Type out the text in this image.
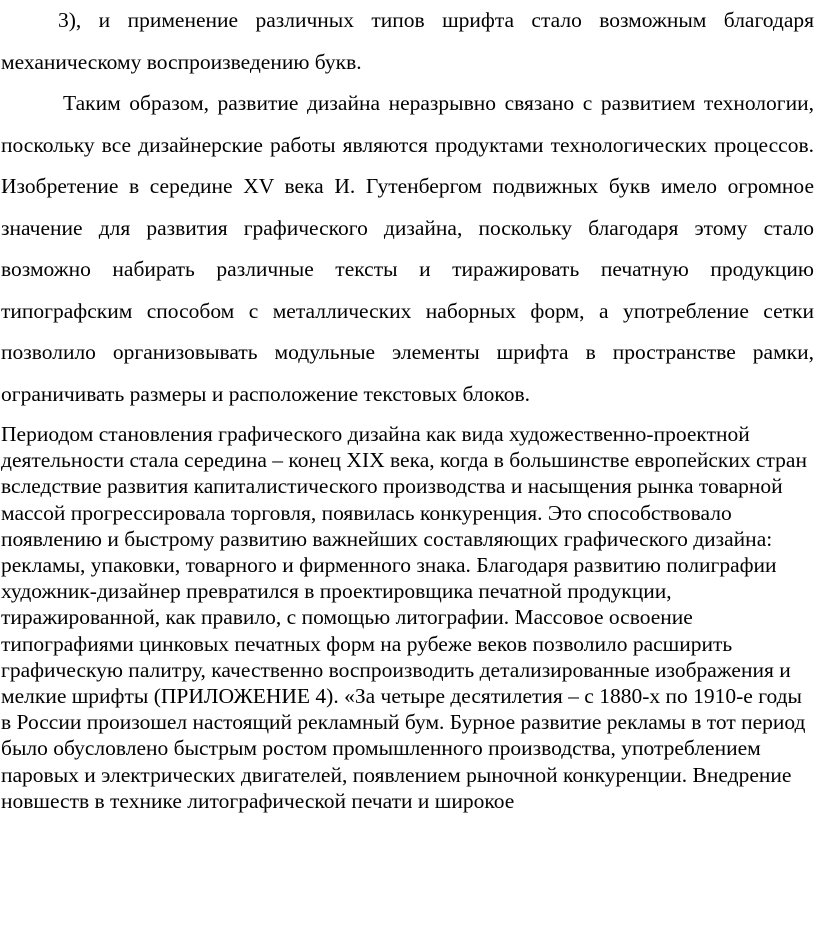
3), и применение различных типов шрифта стало возможным благодаря механическому воспроизведению букв.

Таким образом, развитие дизайна неразрывно связано с развитием технологии, поскольку все дизайнерские работы являются продуктами технологических процессов. Изобретение в середине XV века И. Гутенбергом подвижных букв имело огромное значение для развития графического дизайна, поскольку благодаря этому стало возможно набирать различные тексты и тиражировать печатную продукцию типографским способом с металлических наборных форм, а употребление сетки позволило организовывать модульные элементы шрифта в пространстве рамки, ограничивать размеры и расположение текстовых блоков.

Периодом становления графического дизайна как вида художественно-проектной деятельности стала середина – конец XIX века, когда в большинстве европейских стран вследствие развития капиталистического производства и насыщения рынка товарной массой прогрессировала торговля, появилась конкуренция. Это способствовало появлению и быстрому развитию важнейших составляющих графического дизайна: рекламы, упаковки, товарного и фирменного знака. Благодаря развитию полиграфии художник-дизайнер превратился в проектировщика печатной продукции, тиражированной, как правило, с помощью литографии. Массовое освоение типографиями цинковых печатных форм на рубеже веков позволило расширить графическую палитру, качественно воспроизводить детализированные изображения и мелкие шрифты (ПРИЛОЖЕНИЕ 4). «За четыре десятилетия – с 1880-х по 1910-е годы в России произошел настоящий рекламный бум. Бурное развитие рекламы в тот период было обусловлено быстрым ростом промышленного производства, употреблением паровых и электрических двигателей, появлением рыночной конкуренции. Внедрение новшеств в технике литографической печати и широкое
